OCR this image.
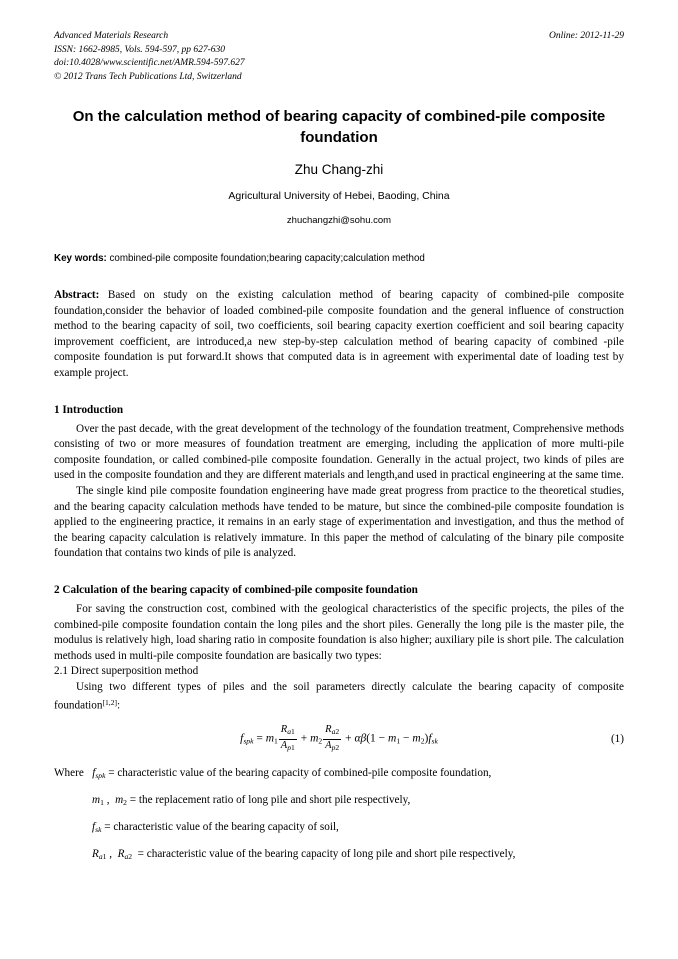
Advanced Materials Research
ISSN: 1662-8985, Vols. 594-597, pp 627-630
doi:10.4028/www.scientific.net/AMR.594-597.627
© 2012 Trans Tech Publications Ltd, Switzerland
Online: 2012-11-29
On the calculation method of bearing capacity of combined-pile composite foundation
Zhu Chang-zhi
Agricultural University of Hebei, Baoding, China
zhuchangzhi@sohu.com
Key words: combined-pile composite foundation;bearing capacity;calculation method
Abstract: Based on study on the existing calculation method of bearing capacity of combined-pile composite foundation,consider the behavior of loaded combined-pile composite foundation and the general influence of construction method to the bearing capacity of soil, two coefficients, soil bearing capacity exertion coefficient and soil bearing capacity improvement coefficient, are introduced,a new step-by-step calculation method of bearing capacity of combined -pile composite foundation is put forward.It shows that computed data is in agreement with experimental date of loading test by example project.
1 Introduction

Over the past decade, with the great development of the technology of the foundation treatment, Comprehensive methods consisting of two or more measures of foundation treatment are emerging, including the application of more multi-pile composite foundation, or called combined-pile composite foundation. Generally in the actual project, two kinds of piles are used in the composite foundation and they are different materials and length,and used in practical engineering at the same time.

The single kind pile composite foundation engineering have made great progress from practice to the theoretical studies, and the bearing capacity calculation methods have tended to be mature, but since the combined-pile composite foundation is applied to the engineering practice, it remains in an early stage of experimentation and investigation, and thus the method of the bearing capacity calculation is relatively immature. In this paper the method of calculating of the binary pile composite foundation that contains two kinds of pile is analyzed.

2 Calculation of the bearing capacity of combined-pile composite foundation

For saving the construction cost, combined with the geological characteristics of the specific projects, the piles of the combined-pile composite foundation contain the long piles and the short piles. Generally the long pile is the master pile, the modulus is relatively high, load sharing ratio in composite foundation is also higher; auxiliary pile is short pile. The calculation methods used in multi-pile composite foundation are basically two types:

2.1 Direct superposition method

Using two different types of piles and the soil parameters directly calculate the bearing capacity of composite foundation[1,2]:

$f_{spk} = m_1 \frac{R_{a1}}{A_{p1}} + m_2 \frac{R_{a2}}{A_{p2}} + \alpha\beta(1 - m_1 - m_2)f_{sk}$	(1)
Where $f_{spk}$ = characteristic value of the bearing capacity of combined-pile composite foundation,
$m_1$ ,  $m_2$ = the replacement ratio of long pile and short pile respectively,
$f_{sk}$ = characteristic value of the bearing capacity of soil,
$R_{a1}$ ,  $R_{a2}$ = characteristic value of the bearing capacity of long pile and short pile respectively,
